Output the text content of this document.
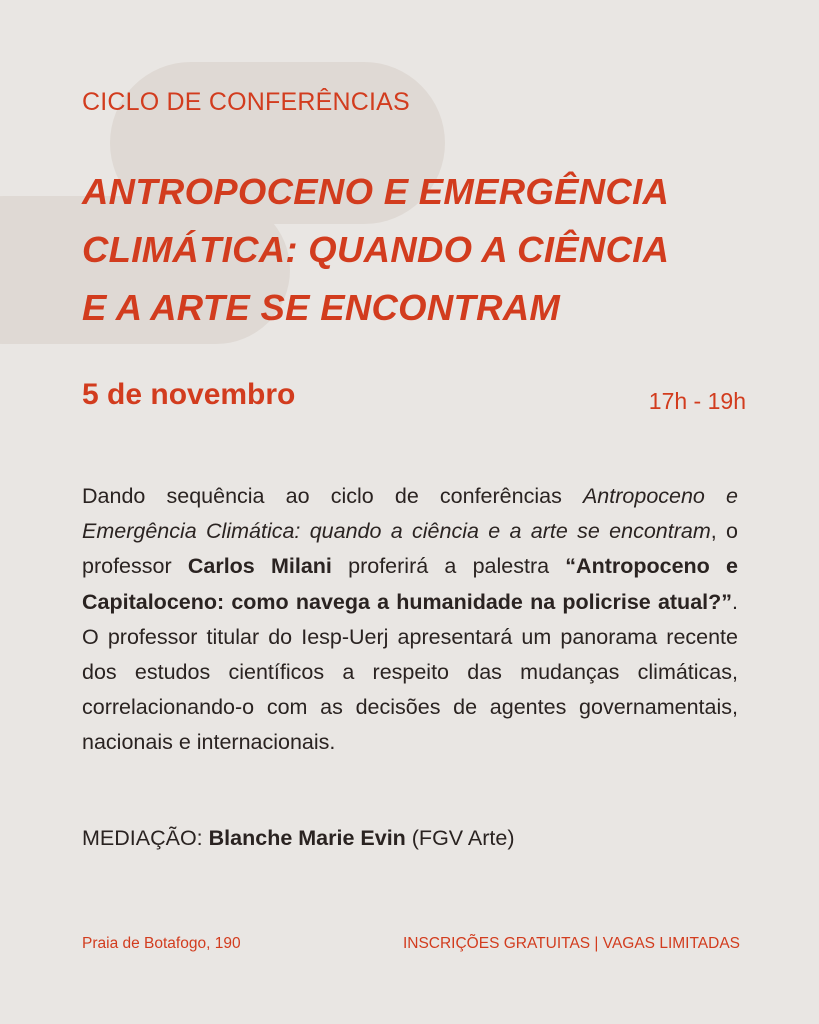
CICLO DE CONFERÊNCIAS
ANTROPOCENO E EMERGÊNCIA
CLIMÁTICA: QUANDO A CIÊNCIA
E A ARTE SE ENCONTRAM
5 de novembro	17h - 19h

Dando sequência ao ciclo de conferências Antropoceno e Emergência Climática: quando a ciência e a arte se encontram, o professor Carlos Milani proferirá a palestra “Antropoceno e Capitaloceno: como navega a humanidade na policrise atual?”. O professor titular do Iesp-Uerj apresentará um panorama recente dos estudos científicos a respeito das mudanças climáticas, correlacionando-o com as decisões de agentes governamentais, nacionais e internacionais.

MEDIAÇÃO: Blanche Marie Evin (FGV Arte)
Praia de Botafogo, 190	INSCRIÇÕES GRATUITAS | VAGAS LIMITADAS
